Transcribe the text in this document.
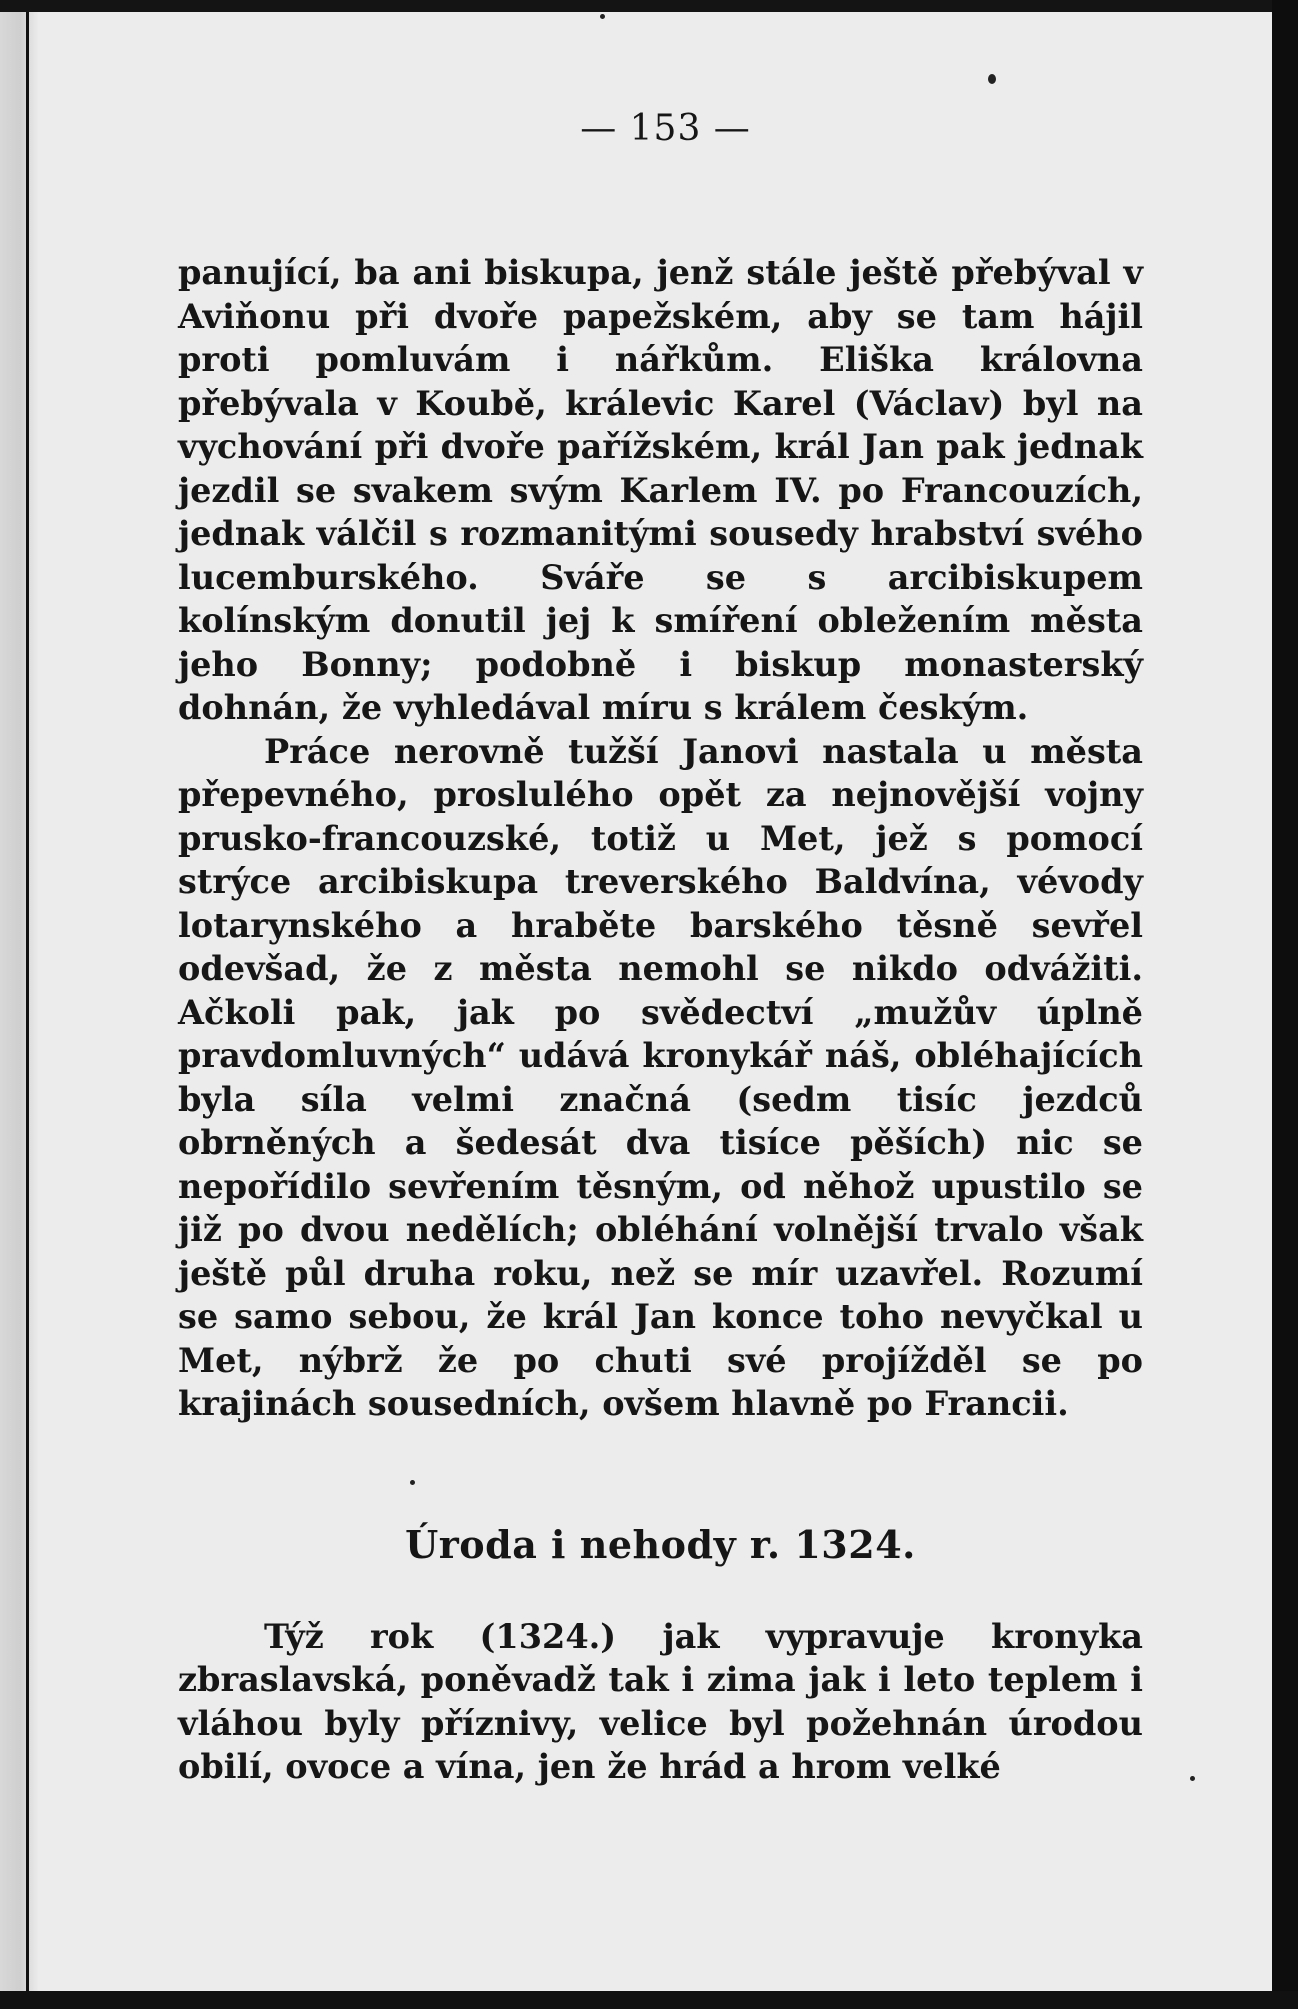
— 153 —

panující, ba ani biskupa, jenž stále ještě přebýval v Aviňonu při dvoře papežském, aby se tam hájil proti pomluvám i nářkům. Eliška královna přebývala v Koubě, králevic Karel (Václav) byl na vychování při dvoře pařížském, král Jan pak jednak jezdil se svakem svým Karlem IV. po Francouzích, jednak válčil s rozmanitými sousedy hrabství svého lucemburského. Sváře se s arcibiskupem kolínským donutil jej k smíření obležením města jeho Bonny; podobně i biskup monasterský dohnán, že vyhledával míru s králem českým.

Práce nerovně tužší Janovi nastala u města přepevného, proslulého opět za nejnovější vojny prusko-francouzské, totiž u Met, jež s pomocí strýce arcibiskupa treverského Baldvína, vévody lotarynského a hraběte barského těsně sevřel odevšad, že z města nemohl se nikdo odvážiti. Ačkoli pak, jak po svědectví „mužův úplně pravdomluvných“ udává kronykář náš, obléhajících byla síla velmi značná (sedm tisíc jezdců obrněných a šedesát dva tisíce pěších) nic se nepořídilo sevřením těsným, od něhož upustilo se již po dvou nedělích; obléhání volnější trvalo však ještě půl druha roku, než se mír uzavřel. Rozumí se samo sebou, že král Jan konce toho nevyčkal u Met, nýbrž že po chuti své projížděl se po krajinách sousedních, ovšem hlavně po Francii.

Úroda i nehody r. 1324.

Týž rok (1324.) jak vypravuje kronyka zbraslavská, poněvadž tak i zima jak i leto teplem i vláhou byly příznivy, velice byl požehnán úrodou obilí, ovoce a vína, jen že hrád a hrom velké
